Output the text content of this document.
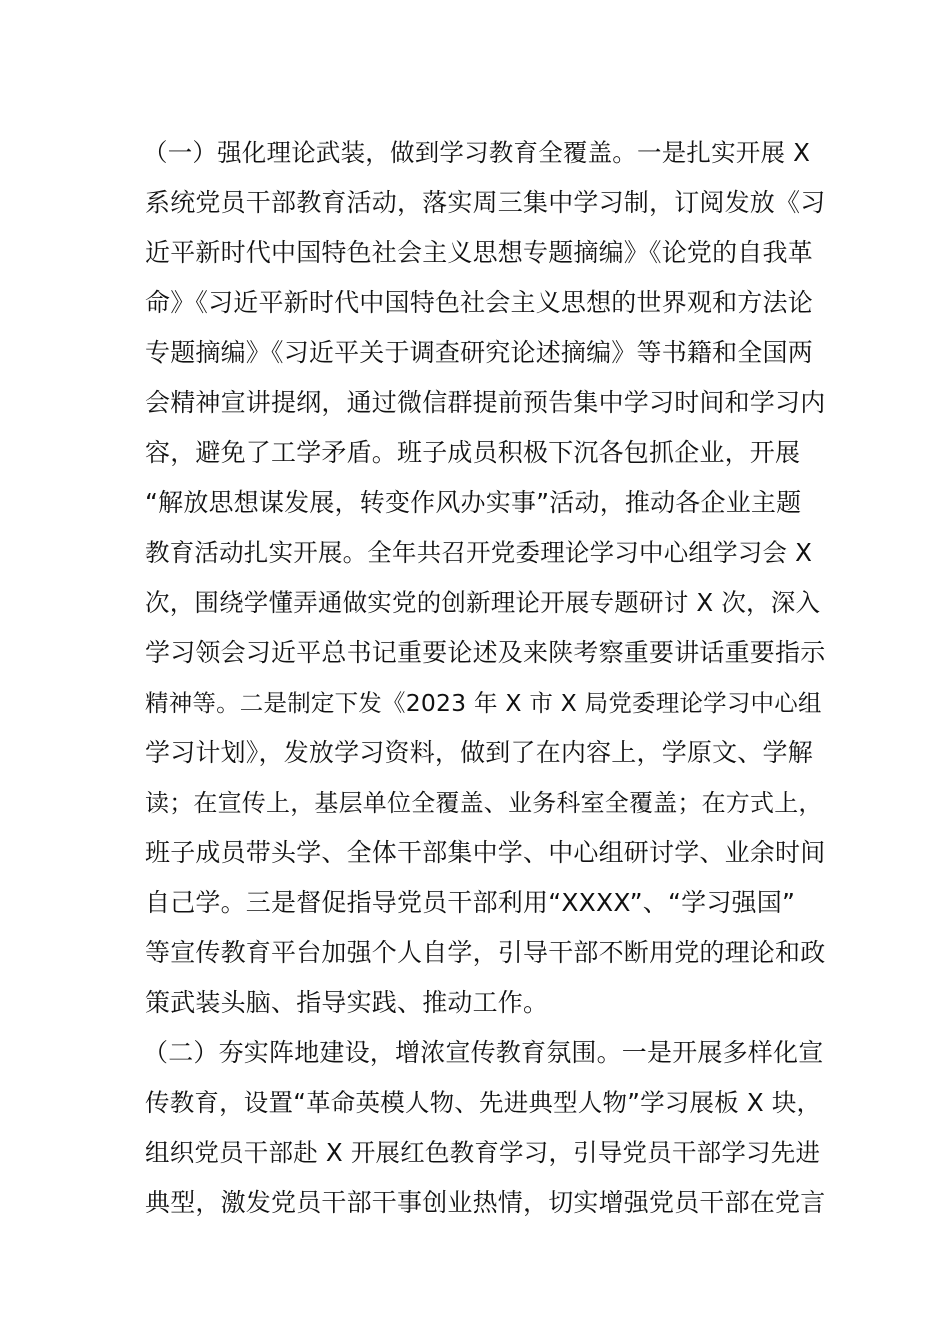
（一）强化理论武装，做到学习教育全覆盖。一是扎实开展 X
系统党员干部教育活动，落实周三集中学习制，订阅发放《习
近平新时代中国特色社会主义思想专题摘编》《论党的自我革
命》《习近平新时代中国特色社会主义思想的世界观和方法论
专题摘编》《习近平关于调查研究论述摘编》等书籍和全国两
会精神宣讲提纲，通过微信群提前预告集中学习时间和学习内
容，避免了工学矛盾。班子成员积极下沉各包抓企业，开展
“解放思想谋发展，转变作风办实事”活动，推动各企业主题
教育活动扎实开展。全年共召开党委理论学习中心组学习会 X
次，围绕学懂弄通做实党的创新理论开展专题研讨 X 次，深入
学习领会习近平总书记重要论述及来陕考察重要讲话重要指示
精神等。二是制定下发《2023 年 X 市 X 局党委理论学习中心组
学习计划》，发放学习资料，做到了在内容上，学原文、学解
读；在宣传上，基层单位全覆盖、业务科室全覆盖；在方式上，
班子成员带头学、全体干部集中学、中心组研讨学、业余时间
自己学。三是督促指导党员干部利用“XXXX”、“学习强国”
等宣传教育平台加强个人自学，引导干部不断用党的理论和政
策武装头脑、指导实践、推动工作。
（二）夯实阵地建设，增浓宣传教育氛围。一是开展多样化宣
传教育，设置“革命英模人物、先进典型人物”学习展板 X 块，
组织党员干部赴 X 开展红色教育学习，引导党员干部学习先进
典型，激发党员干部干事创业热情，切实增强党员干部在党言
